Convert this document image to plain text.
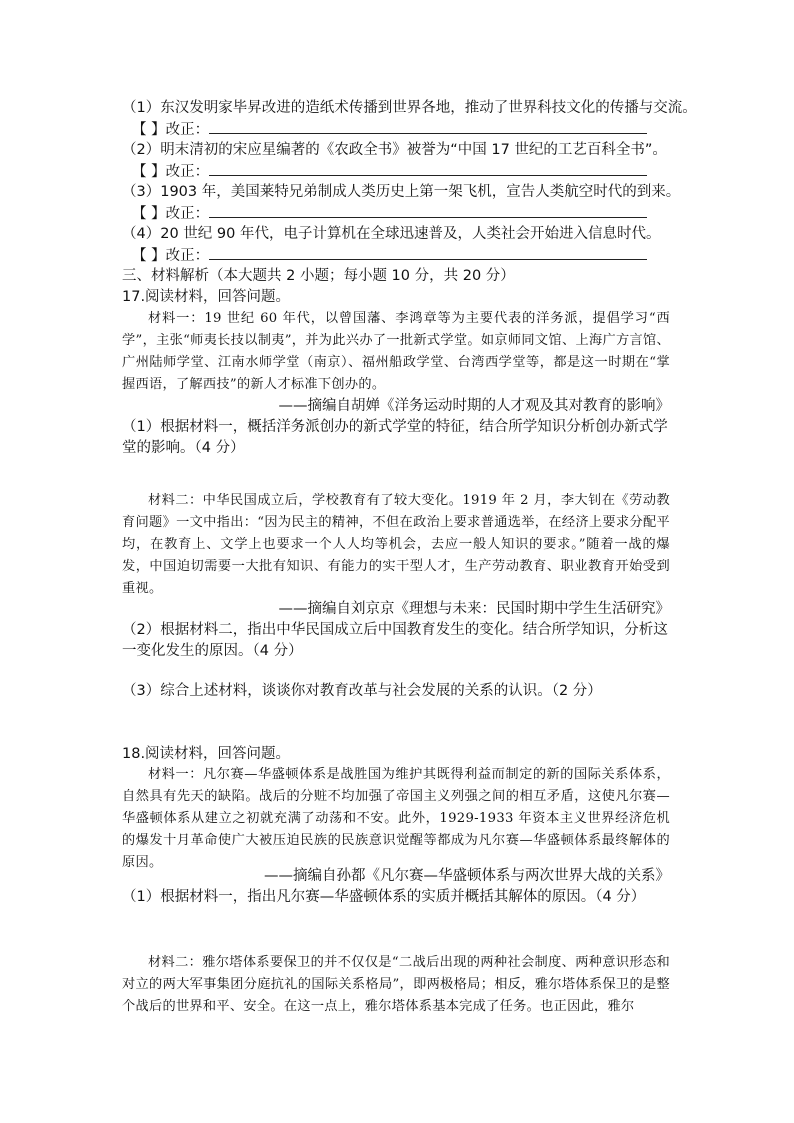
（1）东汉发明家毕昇改进的造纸术传播到世界各地，推动了世界科技文化的传播与交流。
【 】改正：
（2）明末清初的宋应星编著的《农政全书》被誉为“中国 17 世纪的工艺百科全书”。
【 】改正：
（3）1903 年，美国莱特兄弟制成人类历史上第一架飞机，宣告人类航空时代的到来。
【 】改正：
（4）20 世纪 90 年代，电子计算机在全球迅速普及，人类社会开始进入信息时代。
【 】改正：
三、材料解析（本大题共 2 小题；每小题 10 分，共 20 分）
17.阅读材料，回答问题。
材料一：19 世纪 60 年代，以曾国藩、李鸿章等为主要代表的洋务派，提倡学习“西学”，主张“师夷长技以制夷”，并为此兴办了一批新式学堂。如京师同文馆、上海广方言馆、广州陆师学堂、江南水师学堂（南京）、福州船政学堂、台湾西学堂等，都是这一时期在“掌握西语，了解西技”的新人才标准下创办的。
——摘编自胡婵《洋务运动时期的人才观及其对教育的影响》
（1）根据材料一，概括洋务派创办的新式学堂的特征，结合所学知识分析创办新式学堂的影响。（4 分）
材料二：中华民国成立后，学校教育有了较大变化。1919 年 2 月，李大钊在《劳动教育问题》一文中指出：“因为民主的精神，不但在政治上要求普通选举，在经济上要求分配平均，在教育上、文学上也要求一个人人均等机会，去应一般人知识的要求。”随着一战的爆发，中国迫切需要一大批有知识、有能力的实干型人才，生产劳动教育、职业教育开始受到重视。
——摘编自刘京京《理想与未来：民国时期中学生生活研究》
（2）根据材料二，指出中华民国成立后中国教育发生的变化。结合所学知识，分析这一变化发生的原因。（4 分）
（3）综合上述材料，谈谈你对教育改革与社会发展的关系的认识。（2 分）
18.阅读材料，回答问题。
材料一：凡尔赛—华盛顿体系是战胜国为维护其既得利益而制定的新的国际关系体系，自然具有先天的缺陷。战后的分赃不均加强了帝国主义列强之间的相互矛盾，这使凡尔赛—华盛顿体系从建立之初就充满了动荡和不安。此外，1929-1933 年资本主义世界经济危机的爆发十月革命使广大被压迫民族的民族意识觉醒等都成为凡尔赛—华盛顿体系最终解体的原因。
——摘编自孙都《凡尔赛—华盛顿体系与两次世界大战的关系》
（1）根据材料一，指出凡尔赛—华盛顿体系的实质并概括其解体的原因。（4 分）
材料二：雅尔塔体系要保卫的并不仅仅是“二战后出现的两种社会制度、两种意识形态和对立的两大军事集团分庭抗礼的国际关系格局”，即两极格局；相反，雅尔塔体系保卫的是整个战后的世界和平、安全。在这一点上，雅尔塔体系基本完成了任务。也正因此，雅尔
